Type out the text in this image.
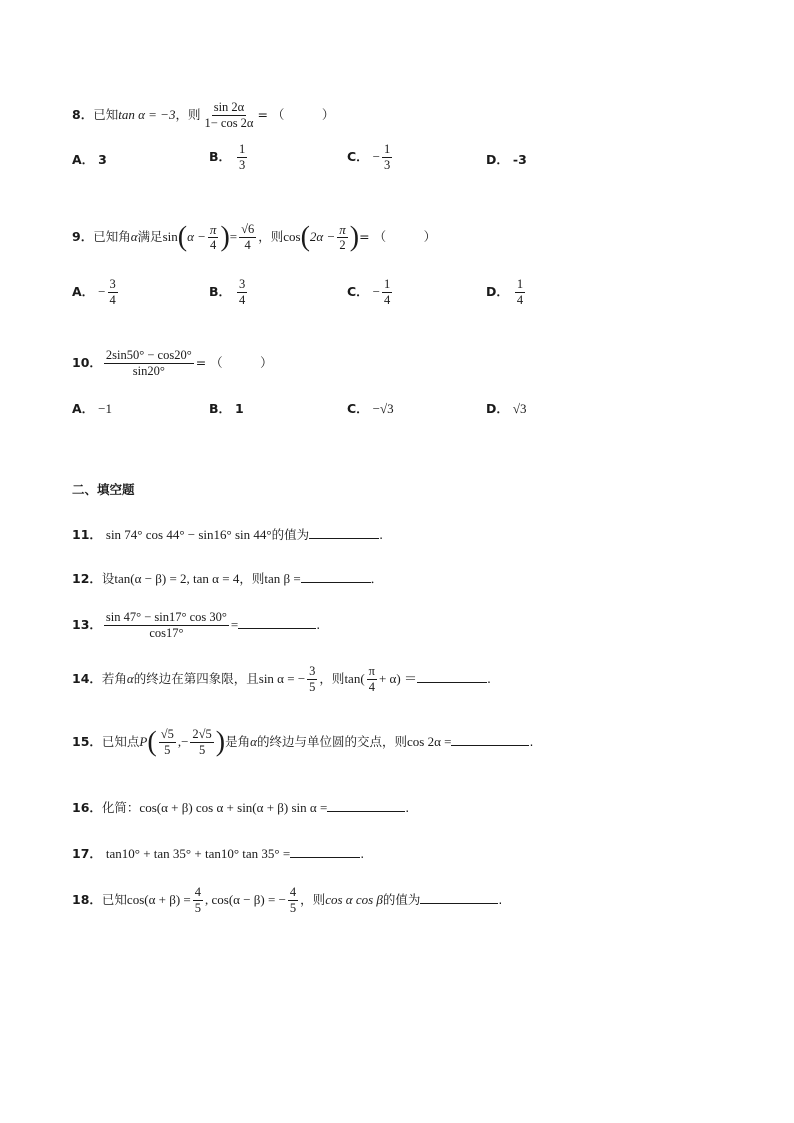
8．已知tan α = −3，则 $\frac{\sin 2\alpha}{1- \cos 2\alpha}$ = （　　　）
A． 3	B． $\frac{1}{3}$	C． − $\frac{1}{3}$	D． -3
9．已知角α满足$\sin(\alpha - \frac{\pi}{4}$ )= $\frac{√6}{4}$ ，则$\cos(2\alpha - \frac{\pi}{2}$ )= （　　　）
A． − $\frac{3}{4}$	B． $\frac{3}{4}$	C． − $\frac{1}{4}$	D． $\frac{1}{4}$
10． $\frac{2\sin 50^\circ - \cos 20^\circ}{\sin 20^\circ}$ = （　　　）
A． −1	B． 1	C． −√3	D． √3
二、填空题
11． sin 74° cos 44° − sin16° sin 44°的值为	.
12．设tan(α − β) = 2, tan α = 4，则tan β =	．
13． $\frac{\sin 47^\circ - \sin 17^\circ \cos 30^\circ}{\cos 17^\circ}$ =	.
14．若角α的终边在第四象限，且sin α = − $\frac{3}{5}$ ，则$\tan( \frac{\pi}{4} + \alpha)$ ＝	.
15．已知点$P( \frac{√5}{5}$ ,− $\frac{2√5}{5}$ )是角α的终边与单位圆的交点，则cos 2α =	.
16．化简：cos(α + β) cos α + sin(α + β) sin α =	.
17． tan10° + tan 35° + tan10° tan 35° =	.
18．已知$\cos(\alpha + \beta) = \frac{4}{5}$ , cos(α − β) = − $\frac{4}{5}$ ，则cos α cos β的值为	.
